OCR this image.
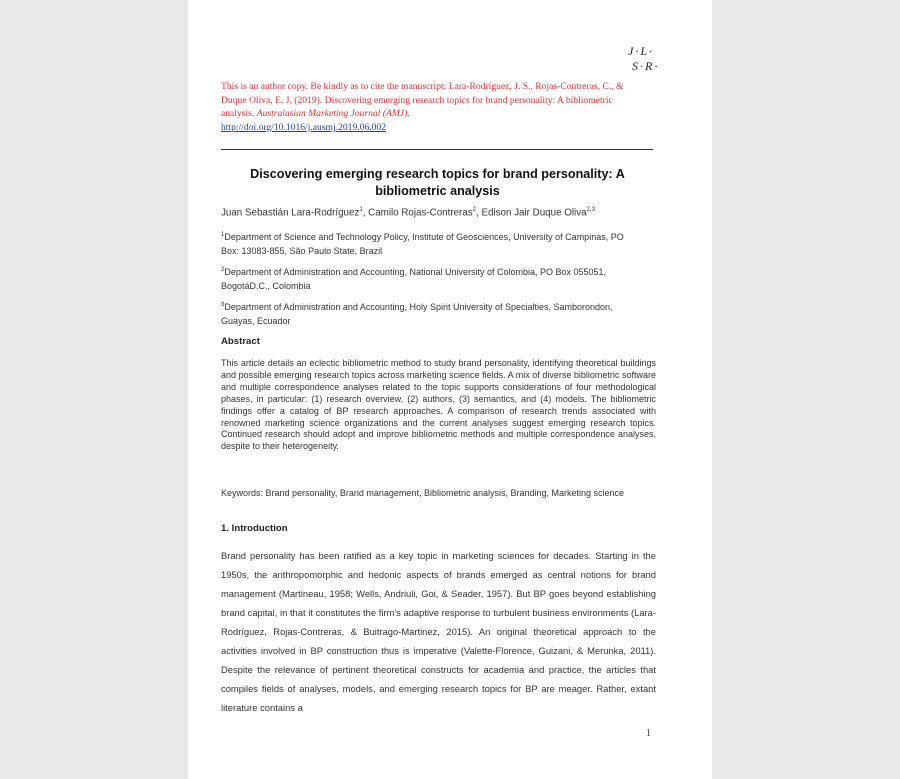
J·L·
S·R·
This is an author copy. Be kindly as to cite the manuscript: Lara-Rodríguez, J. S., Rojas-Contreras, C., & Duque Oliva, E. J. (2019). Discovering emerging research topics for brand personality: A bibliometric analysis. Australasian Marketing Journal (AMJ).
http://doi.org/10.1016/j.ausmj.2019.06.002
Discovering emerging research topics for brand personality: A bibliometric analysis
Juan Sebastián Lara-Rodríguez$^1$, Camilo Rojas-Contreras$^2$, Edison Jair Duque Oliva$^{2,3}$
$^1$Department of Science and Technology Policy, Institute of Geosciences, University of Campinas, PO Box: 13083-855, São Paulo State, Brazil
$^2$Department of Administration and Accounting, National University of Colombia, PO Box 055051, BogotáD.C., Colombia
$^3$Department of Administration and Accounting, Holy Spirit University of Specialties, Samborondon, Guayas, Ecuador
Abstract
This article details an eclectic bibliometric method to study brand personality, identifying theoretical buildings and possible emerging research topics across marketing science fields. A mix of diverse bibliometric software and multiple correspondence analyses related to the topic supports considerations of four methodological phases, in particular: (1) research overview, (2) authors, (3) semantics, and (4) models. The bibliometric findings offer a catalog of BP research approaches. A comparison of research trends associated with renowned marketing science organizations and the current analyses suggest emerging research topics. Continued research should adopt and improve bibliometric methods and multiple correspondence analyses, despite to their heterogeneity.
Keywords: Brand personality, Brand management, Bibliometric analysis, Branding, Marketing science
1. Introduction
Brand personality has been ratified as a key topic in marketing sciences for decades. Starting in the 1950s, the anthropomorphic and hedonic aspects of brands emerged as central notions for brand management (Martineau, 1958; Wells, Andriuli, Goi, & Seader, 1957). But BP goes beyond establishing brand capital, in that it constitutes the firm's adaptive response to turbulent business environments (Lara-Rodríguez, Rojas-Contreras, & Buitrago-Martinez, 2015). An original theoretical approach to the activities involved in BP construction thus is imperative (Valette-Florence, Guizani, & Merunka, 2011). Despite the relevance of pertinent theoretical constructs for academia and practice, the articles that compiles fields of analyses, models, and emerging research topics for BP are meager. Rather, extant literature contains a
1
